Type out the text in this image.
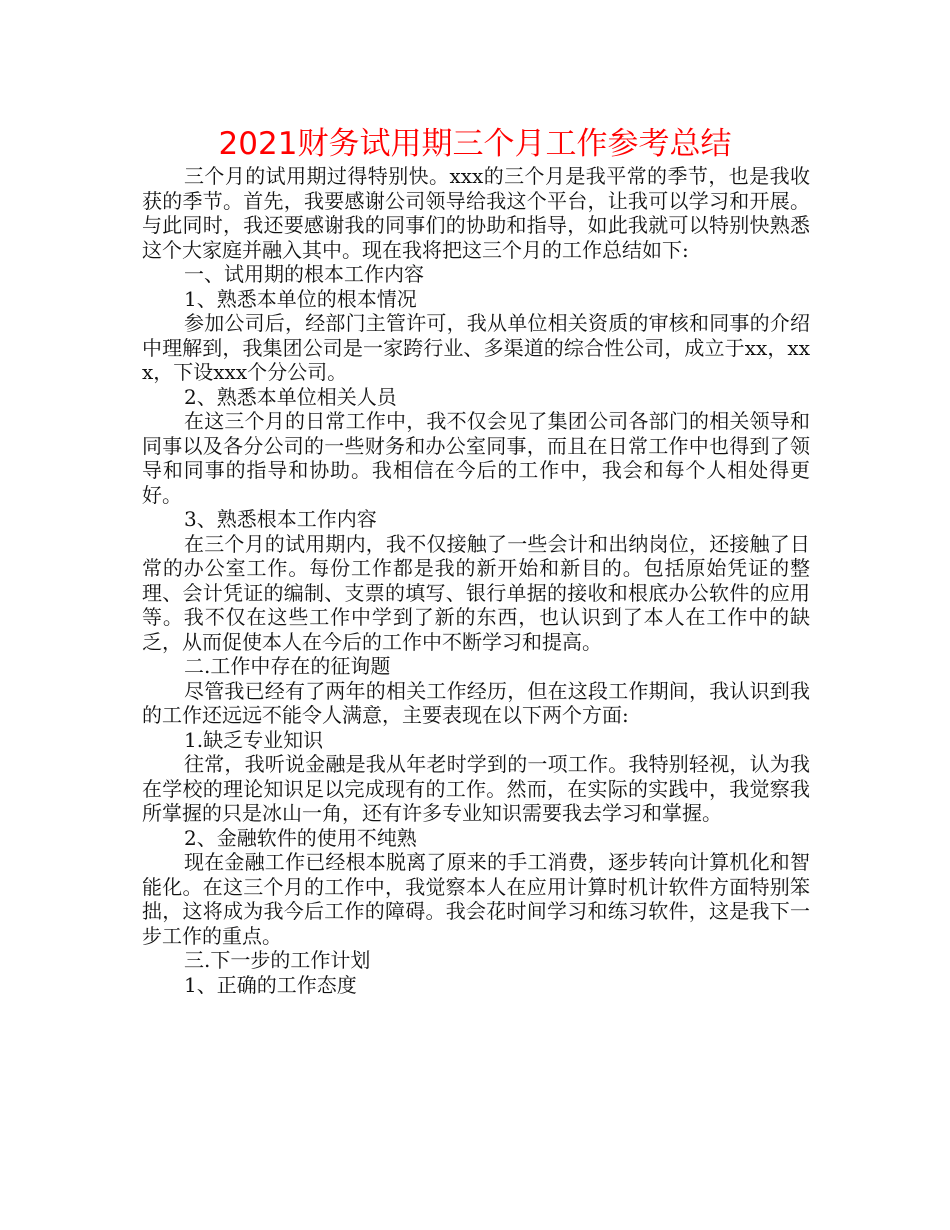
2021财务试用期三个月工作参考总结

三个月的试用期过得特别快。xxx的三个月是我平常的季节，也是我收获的季节。首先，我要感谢公司领导给我这个平台，让我可以学习和开展。与此同时，我还要感谢我的同事们的协助和指导，如此我就可以特别快熟悉这个大家庭并融入其中。现在我将把这三个月的工作总结如下:

一、试用期的根本工作内容

1、熟悉本单位的根本情况

参加公司后，经部门主管许可，我从单位相关资质的审核和同事的介绍中理解到，我集团公司是一家跨行业、多渠道的综合性公司，成立于xx，xxx，下设xxx个分公司。

2、熟悉本单位相关人员

在这三个月的日常工作中，我不仅会见了集团公司各部门的相关领导和同事以及各分公司的一些财务和办公室同事，而且在日常工作中也得到了领导和同事的指导和协助。我相信在今后的工作中，我会和每个人相处得更好。

3、熟悉根本工作内容

在三个月的试用期内，我不仅接触了一些会计和出纳岗位，还接触了日常的办公室工作。每份工作都是我的新开始和新目的。包括原始凭证的整理、会计凭证的编制、支票的填写、银行单据的接收和根底办公软件的应用等。我不仅在这些工作中学到了新的东西，也认识到了本人在工作中的缺乏，从而促使本人在今后的工作中不断学习和提高。

二.工作中存在的征询题

尽管我已经有了两年的相关工作经历，但在这段工作期间，我认识到我的工作还远远不能令人满意，主要表现在以下两个方面:

1.缺乏专业知识

往常，我听说金融是我从年老时学到的一项工作。我特别轻视，认为我在学校的理论知识足以完成现有的工作。然而，在实际的实践中，我觉察我所掌握的只是冰山一角，还有许多专业知识需要我去学习和掌握。

2、金融软件的使用不纯熟

现在金融工作已经根本脱离了原来的手工消费，逐步转向计算机化和智能化。在这三个月的工作中，我觉察本人在应用计算时机计软件方面特别笨拙，这将成为我今后工作的障碍。我会花时间学习和练习软件，这是我下一步工作的重点。

三.下一步的工作计划

1、正确的工作态度
